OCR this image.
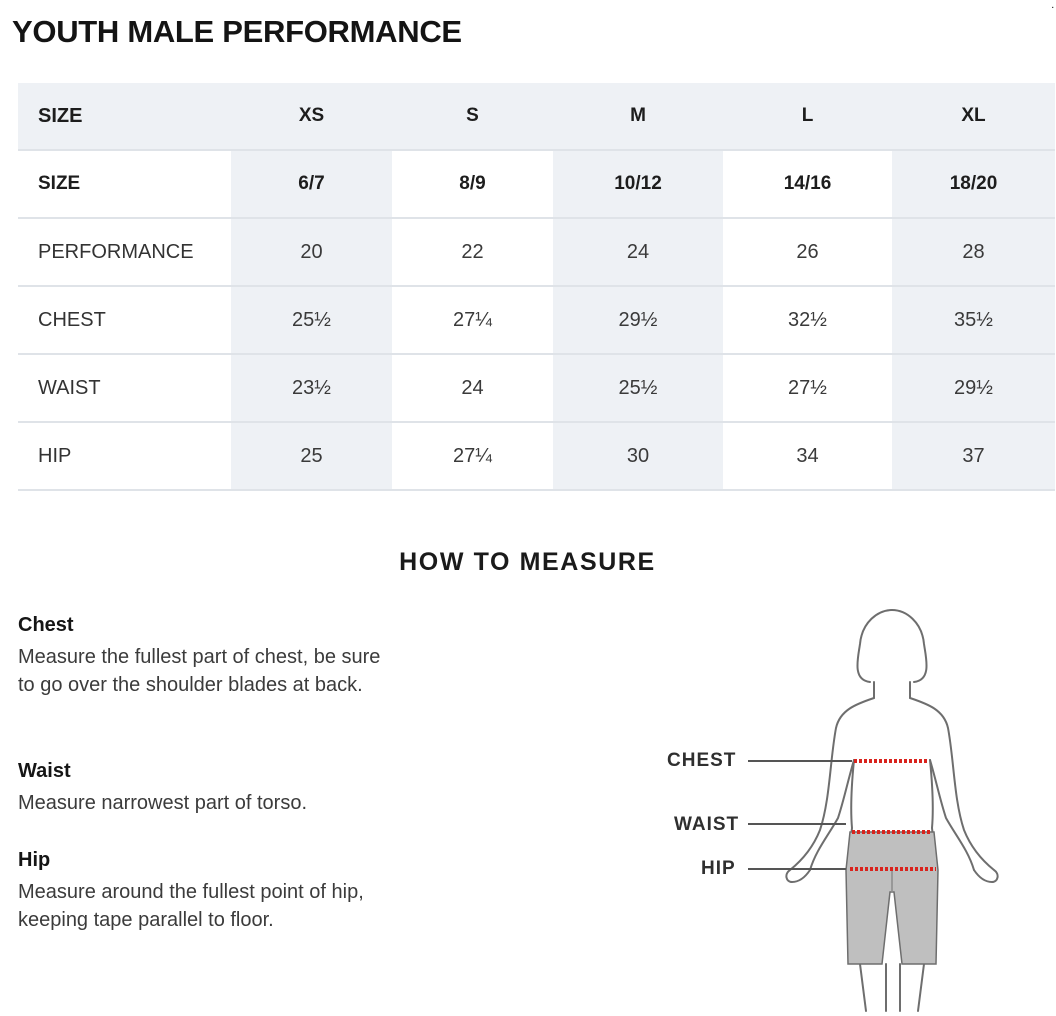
YOUTH MALE PERFORMANCE
˙
SIZE	XS	S	M	L	XL
SIZE	6/7	8/9	10/12	14/16	18/20
PERFORMANCE	20	22	24	26	28
CHEST	25½	27¼	29½	32½	35½
WAIST	23½	24	25½	27½	29½
HIP	25	27¼	30	34	37
HOW TO MEASURE
Chest

Measure the fullest part of chest, be sure to go over the shoulder blades at back.

Waist

Measure narrowest part of torso.

Hip

Measure around the fullest point of hip, keeping tape parallel to floor.

CHEST
WAIST
HIP
